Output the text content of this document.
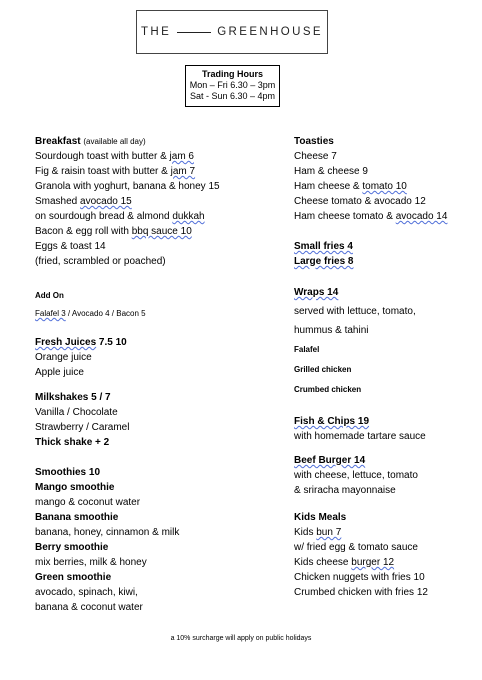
THE	GREENHOUSE
Trading Hours
Mon – Fri 6.30 – 3pm
Sat - Sun 6.30 – 4pm
Breakfast (available all day)
Sourdough toast with butter & jam 6
Fig & raisin toast with butter & jam 7
Granola with yoghurt, banana & honey 15
Smashed avocado 15
on sourdough bread & almond dukkah
Bacon & egg roll with bbq sauce 10
Eggs & toast 14
(fried, scrambled or poached)
Add On
Falafel 3 / Avocado 4 / Bacon 5
Fresh Juices 7.5 10
Orange juice
Apple juice
Milkshakes 5 / 7
Vanilla / Chocolate
Strawberry / Caramel
Thick shake + 2
Smoothies 10
Mango smoothie
mango & coconut water
Banana smoothie
banana, honey, cinnamon & milk
Berry smoothie
mix berries, milk & honey
Green smoothie
avocado, spinach, kiwi,
banana & coconut water
Toasties
Cheese 7
Ham & cheese 9
Ham cheese & tomato 10
Cheese tomato & avocado 12
Ham cheese tomato & avocado 14
Small fries 4
Large fries 8
Wraps 14
served with lettuce, tomato,
hummus & tahini
Falafel
Grilled chicken
Crumbed chicken
Fish & Chips 19
with homemade tartare sauce
Beef Burger 14
with cheese, lettuce, tomato
& sriracha mayonnaise
Kids Meals
Kids bun 7
w/ fried egg & tomato sauce
Kids cheese burger 12
Chicken nuggets with fries 10
Crumbed chicken with fries 12
a 10% surcharge will apply on public holidays
